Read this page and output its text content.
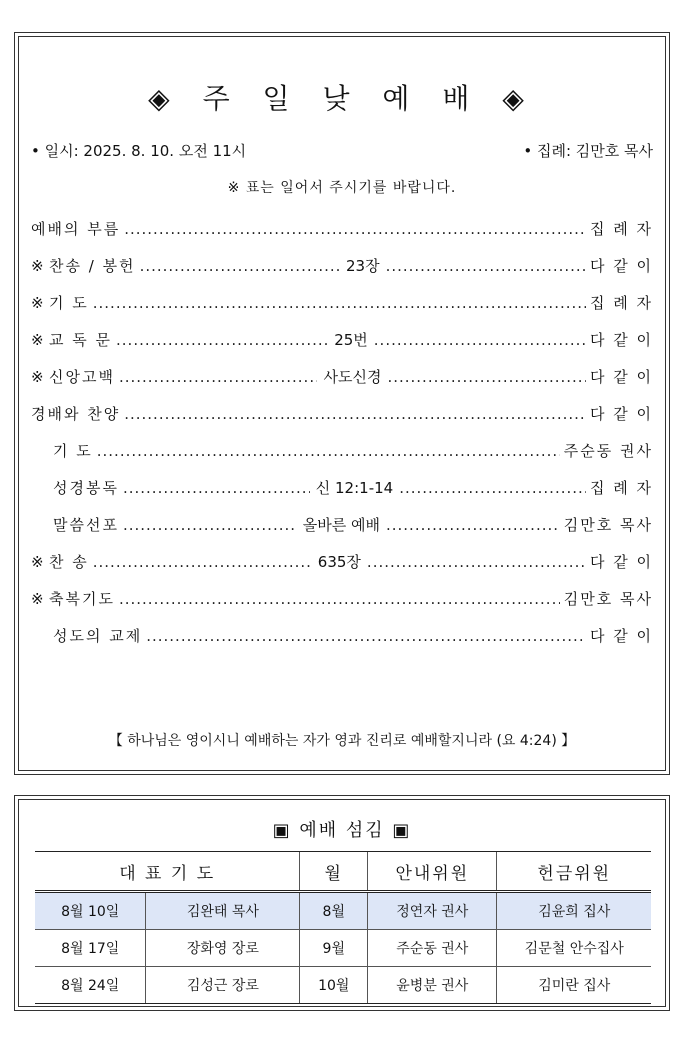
◈ 주 일 낮 예 배 ◈
• 일시: 2025. 8. 10. 오전 11시	• 집례: 김만호 목사
※ 표는 일어서 주시기를 바랍니다.
예배의 부름 .....	집 례 자
※ 찬송 / 봉헌 .....	23장 .....	다 같 이
※ 기 도 .....	집 례 자
※ 교 독 문 .....	25번 .....	다 같 이
※ 신앙고백 .....	사도신경 .....	다 같 이
경배와 찬양 .....	다 같 이
기 도 .....	주순동 권사
성경봉독 .....	신 12:1-14 .....	집 례 자
말씀선포 .....	올바른 예배 .....	김만호 목사
※ 찬 송 .....	635장 .....	다 같 이
※ 축복기도 .....	김만호 목사
성도의 교제 .....	다 같 이
【 하나님은 영이시니 예배하는 자가 영과 진리로 예배할지니라 (요 4:24) 】
▣ 예배 섬김 ▣
대 표 기 도		월	안내위원	헌금위원
8월 10일	김완태 목사	8월	정연자 권사	김윤희 집사
8월 17일	장화영 장로	9월	주순동 권사	김문철 안수집사
8월 24일	김성근 장로	10월	윤병분 권사	김미란 집사
